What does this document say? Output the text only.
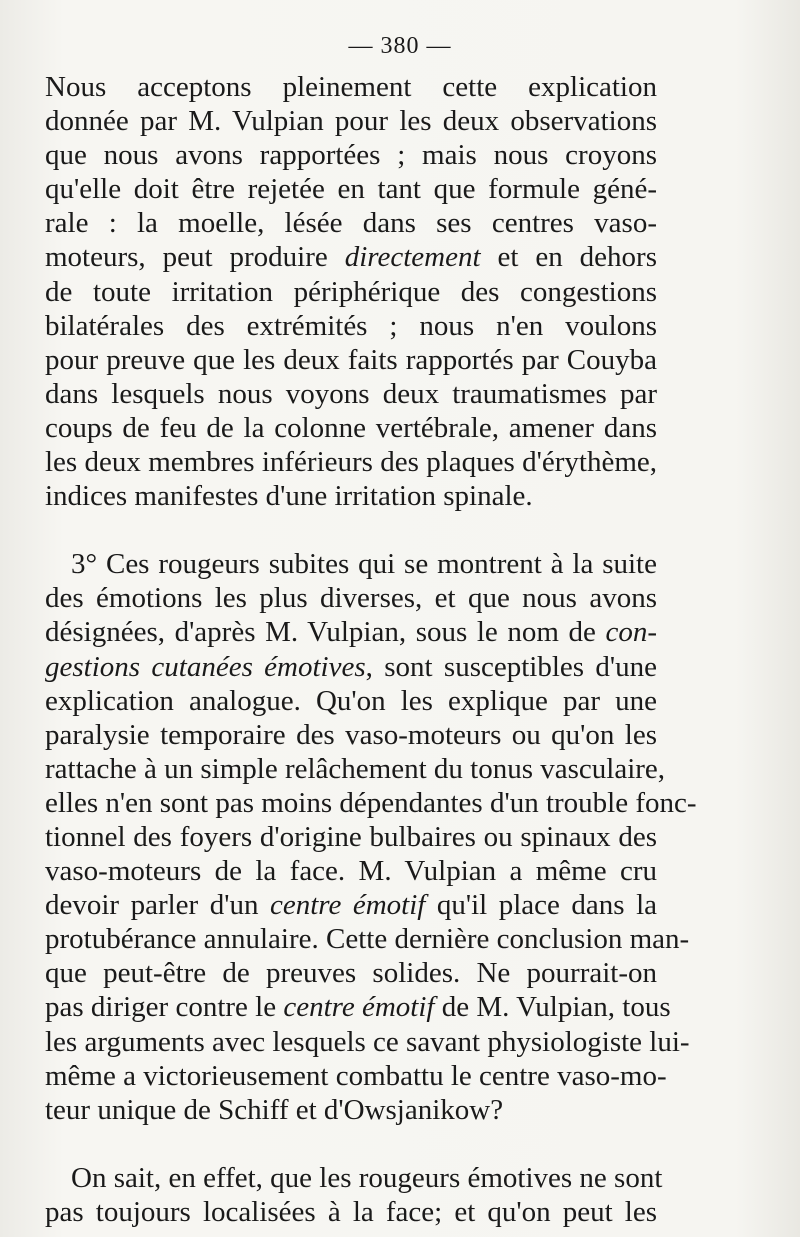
— 380 —
Nous acceptons pleinement cette explication
donnée par M. Vulpian pour les deux observations
que nous avons rapportées ; mais nous croyons
qu'elle doit être rejetée en tant que formule géné-
rale : la moelle, lésée dans ses centres vaso-
moteurs, peut produire directement et en dehors
de toute irritation périphérique des congestions
bilatérales des extrémités ; nous n'en voulons
pour preuve que les deux faits rapportés par Couyba
dans lesquels nous voyons deux traumatismes par
coups de feu de la colonne vertébrale, amener dans
les deux membres inférieurs des plaques d'érythème,
indices manifestes d'une irritation spinale.
3° Ces rougeurs subites qui se montrent à la suite
des émotions les plus diverses, et que nous avons
désignées, d'après M. Vulpian, sous le nom de con-
gestions cutanées émotives, sont susceptibles d'une
explication analogue. Qu'on les explique par une
paralysie temporaire des vaso-moteurs ou qu'on les
rattache à un simple relâchement du tonus vasculaire,
elles n'en sont pas moins dépendantes d'un trouble fonc-
tionnel des foyers d'origine bulbaires ou spinaux des
vaso-moteurs de la face. M. Vulpian a même cru
devoir parler d'un centre émotif qu'il place dans la
protubérance annulaire. Cette dernière conclusion man-
que peut-être de preuves solides. Ne pourrait-on
pas diriger contre le centre émotif de M. Vulpian, tous
les arguments avec lesquels ce savant physiologiste lui-
même a victorieusement combattu le centre vaso-mo-
teur unique de Schiff et d'Owsjanikow?
On sait, en effet, que les rougeurs émotives ne sont
pas toujours localisées à la face; et qu'on peut les
